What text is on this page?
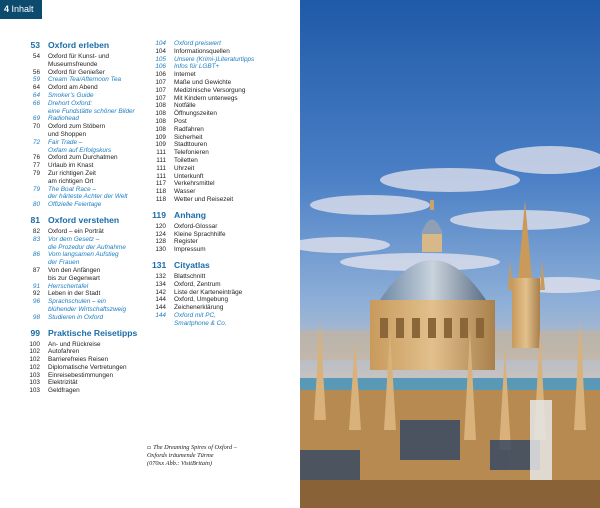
4 Inhalt
53 Oxford erleben
54 Oxford für Kunst- und
Museumsfreunde
56 Oxford für Genießer
59 Cream Tea/Afternoon Tea
64 Oxford am Abend
64 Smoker’s Guide
66 Drehort Oxford:
eine Fundstätte schöner Bilder
69 Radiohead
70 Oxford zum Stöbern
und Shoppen
72 Fair Trade –
Oxfam auf Erfolgskurs
76 Oxford zum Durchatmen
77 Urlaub im Knast
79 Zur richtigen Zeit
am richtigen Ort
79 The Boat Race –
der härteste Achter der Welt
80 Offizielle Feiertage
81 Oxford verstehen
82 Oxford – ein Porträt
83 Vor dem Gesetz –
die Prozedur der Aufnahme
86 Vom langsamen Aufstieg
der Frauen
87 Von den Anfängen
bis zur Gegenwart
91 Herrschertafel
92 Leben in der Stadt
96 Sprachschulen – ein
blühender Wirtschaftszweig
98 Studieren in Oxford
99 Praktische Reisetipps
100 An- und Rückreise
102 Autofahren
102 Barrierefreies Reisen
102 Diplomatische Vertretungen
103 Einreisebestimmungen
103 Elektrizität
103 Geldfragen
104 Oxford preiswert
104 Informationsquellen
105 Unsere (Krimi-)Literaturtipps
106 Infos für LGBT+
106 Internet
107 Maße und Gewichte
107 Medizinische Versorgung
107 Mit Kindern unterwegs
108 Notfälle
108 Öffnungszeiten
108 Post
108 Radfahren
109 Sicherheit
109 Stadttouren
111 Telefonieren
111 Toiletten
111 Uhrzeit
111 Unterkunft
117 Verkehrsmittel
118 Wasser
118 Wetter und Reisezeit
119 Anhang
120 Oxford-Glossar
124 Kleine Sprachhilfe
128 Register
130 Impressum
131 Cityatlas
132 Blattschnitt
134 Oxford, Zentrum
142 Liste der Karteneinträge
144 Oxford, Umgebung
144 Zeichenerklärung
144 Oxford mit PC,
Smartphone & Co.
▫ The Dreaming Spires of Oxford –
Oxfords träumende Türme
(070xx Abb.: VisitBritain)
